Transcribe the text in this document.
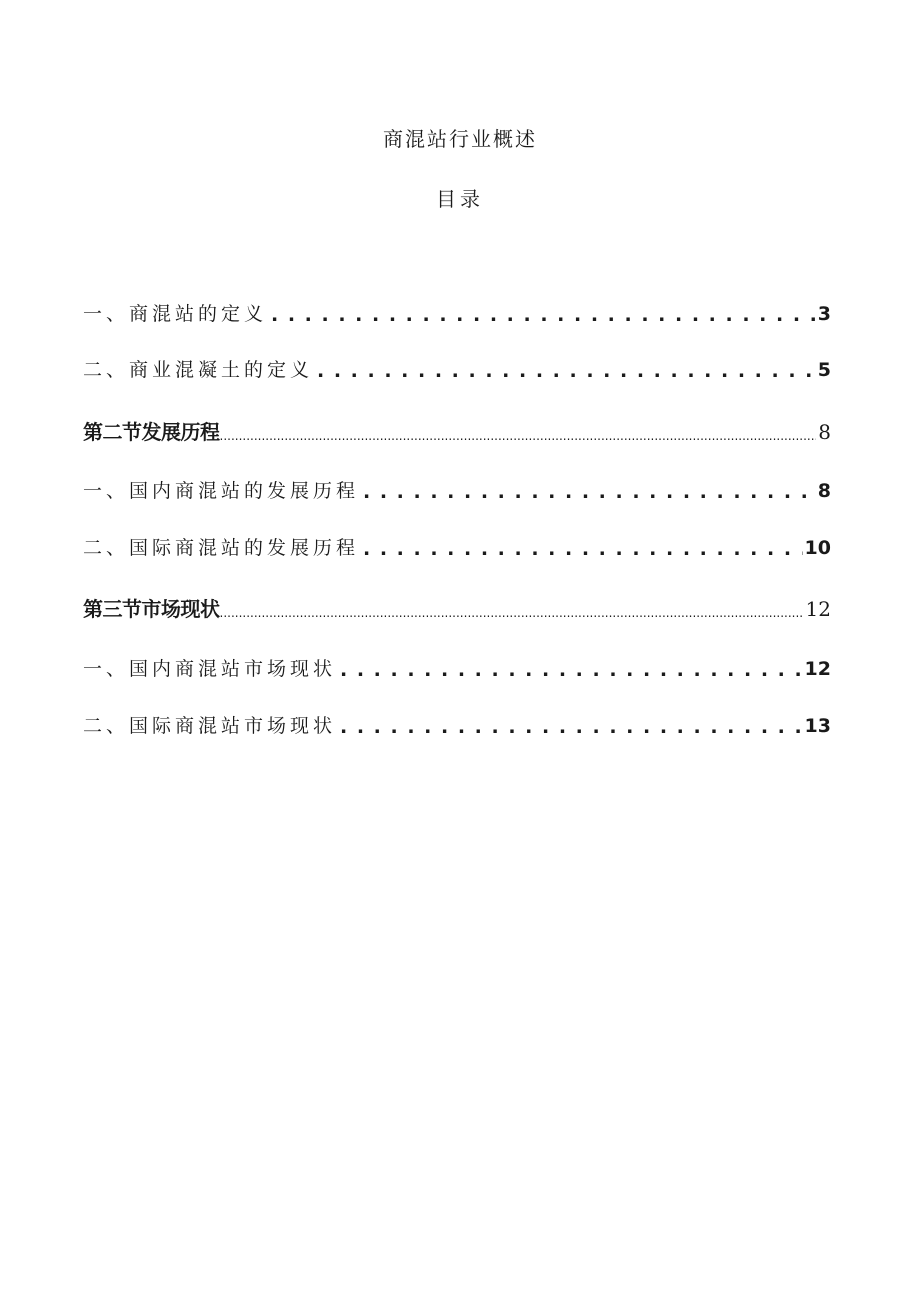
商混站行业概述
目录
一、商混站的定义 . . .	3
二、商业混凝土的定义 . . .	5
第二节发展历程 .....	8
一、国内商混站的发展历程 . . .	8
二、国际商混站的发展历程 . . .	10
第三节市场现状 .....	12
一、国内商混站市场现状 . . .	12
二、国际商混站市场现状 . . .	13
